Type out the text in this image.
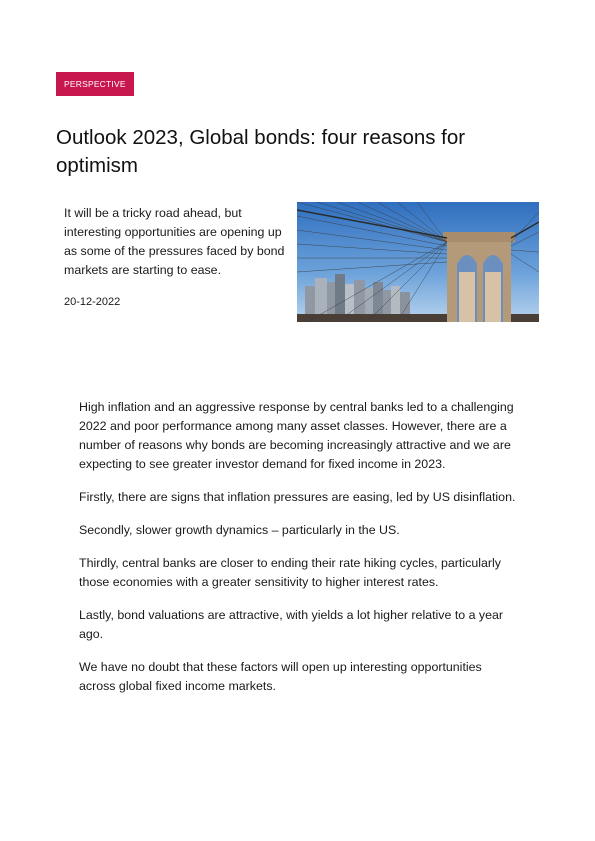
PERSPECTIVE
Outlook 2023, Global bonds: four reasons for optimism

It will be a tricky road ahead, but interesting opportunities are opening up as some of the pressures faced by bond markets are starting to ease.

20-12-2022

High inflation and an aggressive response by central banks led to a challenging 2022 and poor performance among many asset classes. However, there are a number of reasons why bonds are becoming increasingly attractive and we are expecting to see greater investor demand for fixed income in 2023.

Firstly, there are signs that inflation pressures are easing, led by US disinflation.

Secondly, slower growth dynamics – particularly in the US.

Thirdly, central banks are closer to ending their rate hiking cycles, particularly those economies with a greater sensitivity to higher interest rates.

Lastly, bond valuations are attractive, with yields a lot higher relative to a year ago.

We have no doubt that these factors will open up interesting opportunities across global fixed income markets.
